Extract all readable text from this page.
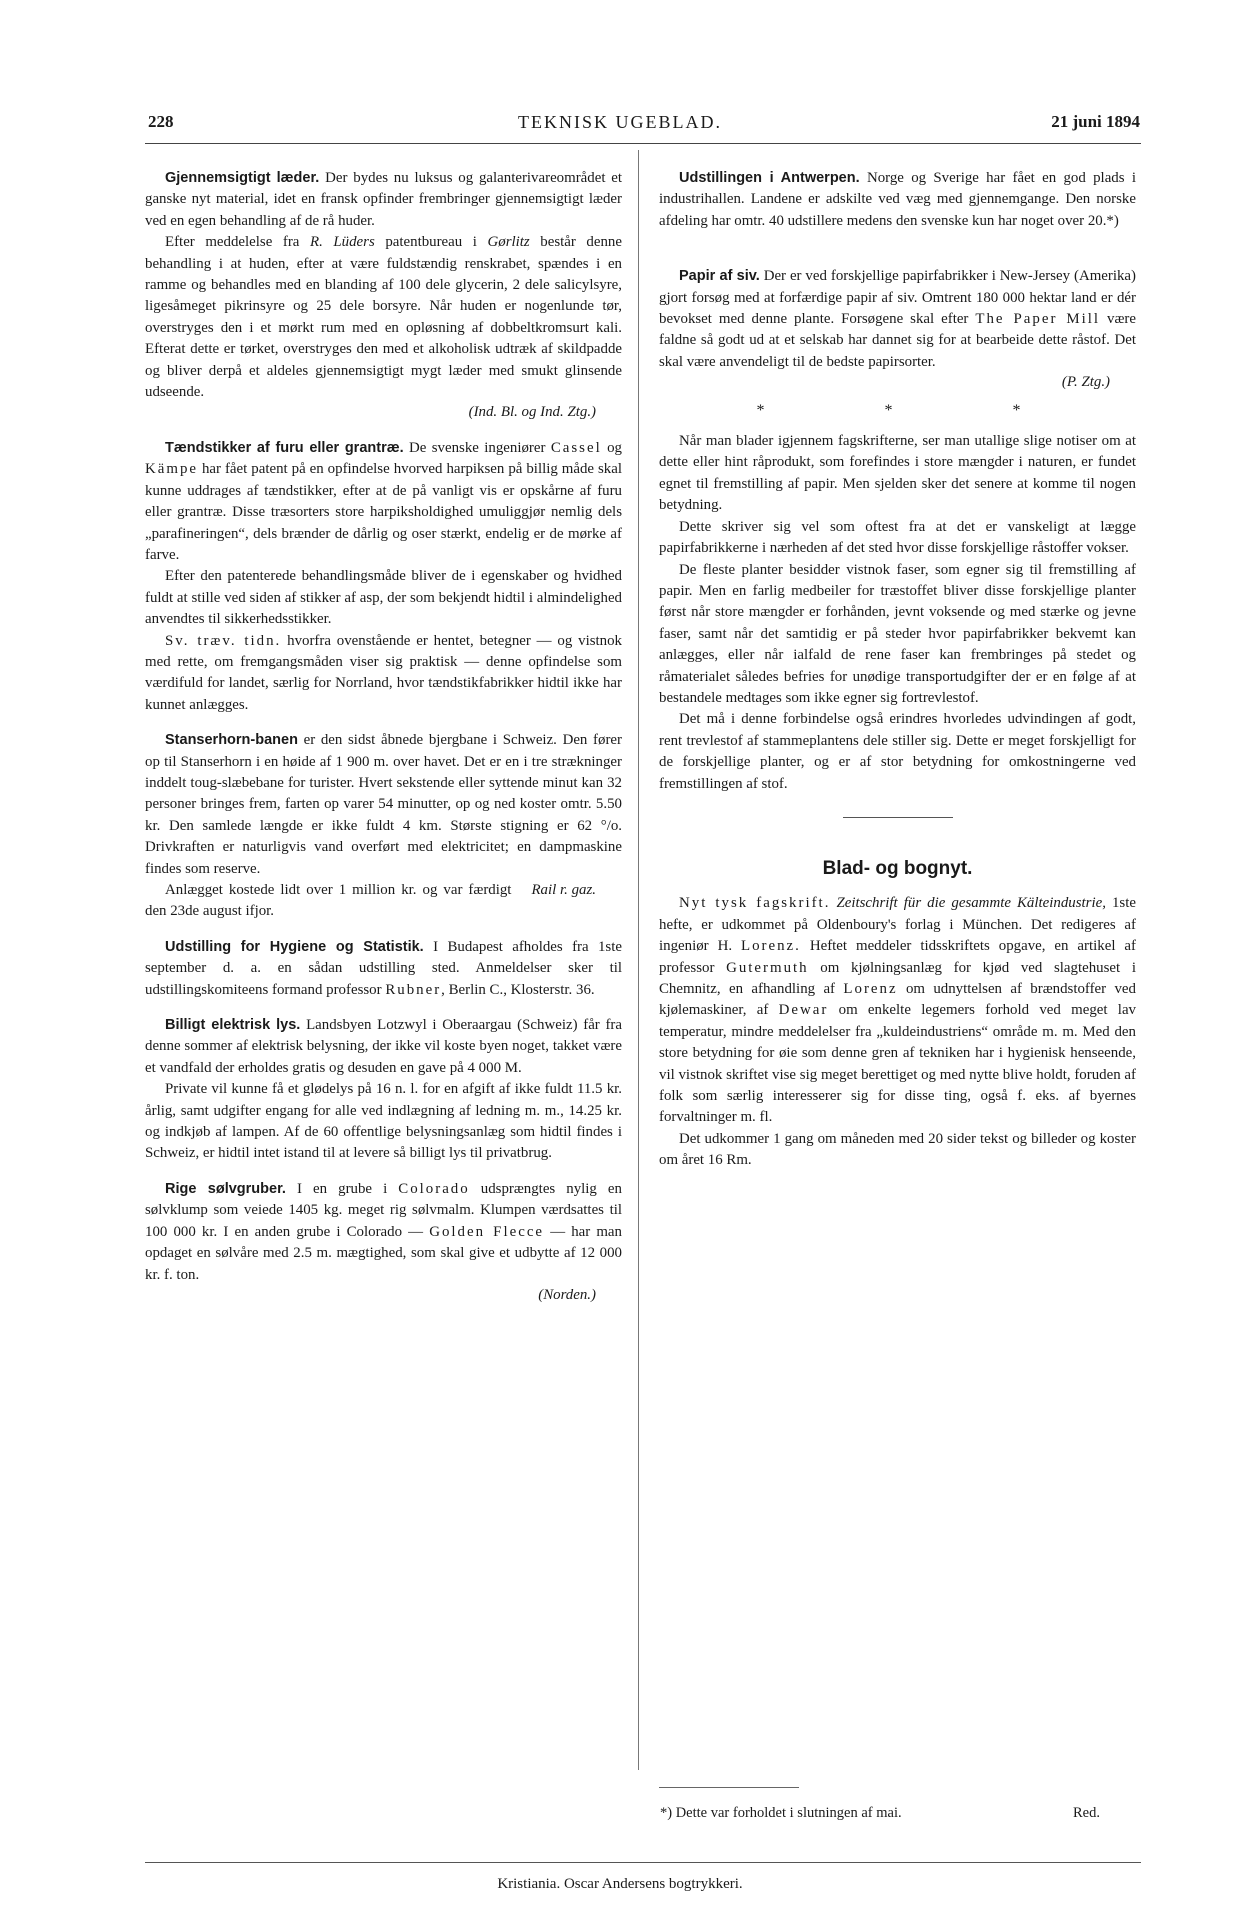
228	TEKNISK UGEBLAD.	21 juni 1894

Gjennemsigtigt læder. Der bydes nu luksus og galanterivareområdet et ganske nyt material, idet en fransk opfinder frembringer gjennemsigtigt læder ved en egen behandling af de rå huder.

Efter meddelelse fra R. Lüders patentbureau i Gørlitz består denne behandling i at huden, efter at være fuldstændig renskrabet, spændes i en ramme og behandles med en blanding af 100 dele glycerin, 2 dele salicylsyre, ligesåmeget pikrinsyre og 25 dele borsyre. Når huden er nogenlunde tør, overstryges den i et mørkt rum med en opløsning af dobbeltkromsurt kali. Efterat dette er tørket, overstryges den med et alkoholisk udtræk af skildpadde og bliver derpå et aldeles gjennemsigtigt mygt læder med smukt glinsende udseende.

(Ind. Bl. og Ind. Ztg.)

Tændstikker af furu eller grantræ. De svenske ingeniører Cassel og Kämpe har fået patent på en opfindelse hvorved harpiksen på billig måde skal kunne uddrages af tændstikker, efter at de på vanligt vis er opskårne af furu eller grantræ. Disse træsorters store harpiksholdighed umuliggjør nemlig dels „parafineringen“, dels brænder de dårlig og oser stærkt, endelig er de mørke af farve.

Efter den patenterede behandlingsmåde bliver de i egenskaber og hvidhed fuldt at stille ved siden af stikker af asp, der som bekjendt hidtil i almindelighed anvendtes til sikkerhedsstikker.

Sv. træv. tidn. hvorfra ovenstående er hentet, betegner — og vistnok med rette, om fremgangsmåden viser sig praktisk — denne opfindelse som værdifuld for landet, særlig for Norrland, hvor tændstikfabrikker hidtil ikke har kunnet anlægges.

Stanserhorn-banen er den sidst åbnede bjergbane i Schweiz. Den fører op til Stanserhorn i en høide af 1 900 m. over havet. Det er en i tre strækninger inddelt toug-slæbebane for turister. Hvert sekstende eller syttende minut kan 32 personer bringes frem, farten op varer 54 minutter, op og ned koster omtr. 5.50 kr. Den samlede længde er ikke fuldt 4 km. Største stigning er 62 °/o. Drivkraften er naturligvis vand overført med elektricitet; en dampmaskine findes som reserve.

Rail r. gaz.
Anlægget kostede lidt over 1 million kr. og var færdigt den 23de august ifjor.

Udstilling for Hygiene og Statistik. I Budapest afholdes fra 1ste september d. a. en sådan udstilling sted. Anmeldelser sker til udstillingskomiteens formand professor Rubner, Berlin C., Klosterstr. 36.

Billigt elektrisk lys. Landsbyen Lotzwyl i Oberaargau (Schweiz) får fra denne sommer af elektrisk belysning, der ikke vil koste byen noget, takket være et vandfald der erholdes gratis og desuden en gave på 4 000 M.

Private vil kunne få et glødelys på 16 n. l. for en afgift af ikke fuldt 11.5 kr. årlig, samt udgifter engang for alle ved indlægning af ledning m. m., 14.25 kr. og indkjøb af lampen. Af de 60 offentlige belysningsanlæg som hidtil findes i Schweiz, er hidtil intet istand til at levere så billigt lys til privatbrug.

Rige sølvgruber. I en grube i Colorado udsprængtes nylig en sølvklump som veiede 1405 kg. meget rig sølvmalm. Klumpen værdsattes til 100 000 kr. I en anden grube i Colorado — Golden Flecce — har man opdaget en sølvåre med 2.5 m. mægtighed, som skal give et udbytte af 12 000 kr. f. ton.

(Norden.)

Udstillingen i Antwerpen. Norge og Sverige har fået en god plads i industrihallen. Landene er adskilte ved væg med gjennemgange. Den norske afdeling har omtr. 40 udstillere medens den svenske kun har noget over 20.*)

Papir af siv. Der er ved forskjellige papirfabrikker i New-Jersey (Amerika) gjort forsøg med at forfærdige papir af siv. Omtrent 180 000 hektar land er dér bevokset med denne plante. Forsøgene skal efter The Paper Mill være faldne så godt ud at et selskab har dannet sig for at bearbeide dette råstof. Det skal være anvendeligt til de bedste papirsorter.

(P. Ztg.)
* * *

Når man blader igjennem fagskrifterne, ser man utallige slige notiser om at dette eller hint råprodukt, som forefindes i store mængder i naturen, er fundet egnet til fremstilling af papir. Men sjelden sker det senere at komme til nogen betydning.

Dette skriver sig vel som oftest fra at det er vanskeligt at lægge papirfabrikkerne i nærheden af det sted hvor disse forskjellige råstoffer vokser.

De fleste planter besidder vistnok faser, som egner sig til fremstilling af papir. Men en farlig medbeiler for træstoffet bliver disse forskjellige planter først når store mængder er forhånden, jevnt voksende og med stærke og jevne faser, samt når det samtidig er på steder hvor papirfabrikker bekvemt kan anlægges, eller når ialfald de rene faser kan frembringes på stedet og råmaterialet således befries for unødige transportudgifter der er en følge af at bestandele medtages som ikke egner sig fortrevlestof.

Det må i denne forbindelse også erindres hvorledes udvindingen af godt, rent trevlestof af stammeplantens dele stiller sig. Dette er meget forskjelligt for de forskjellige planter, og er af stor betydning for omkostningerne ved fremstillingen af stof.

Blad- og bognyt.

Nyt tysk fagskrift. Zeitschrift für die gesammte Kälteindustrie, 1ste hefte, er udkommet på Oldenboury's forlag i München. Det redigeres af ingeniør H. Lorenz. Heftet meddeler tidsskriftets opgave, en artikel af professor Gutermuth om kjølningsanlæg for kjød ved slagtehuset i Chemnitz, en afhandling af Lorenz om udnyttelsen af brændstoffer ved kjølemaskiner, af Dewar om enkelte legemers forhold ved meget lav temperatur, mindre meddelelser fra „kuldeindustriens“ område m. m. Med den store betydning for øie som denne gren af tekniken har i hygienisk henseende, vil vistnok skriftet vise sig meget berettiget og med nytte blive holdt, foruden af folk som særlig interesserer sig for disse ting, også f. eks. af byernes forvaltninger m. fl.

Det udkommer 1 gang om måneden med 20 sider tekst og billeder og koster om året 16 Rm.

*) Dette var forholdet i slutningen af mai.	Red.
Kristiania. Oscar Andersens bogtrykkeri.
